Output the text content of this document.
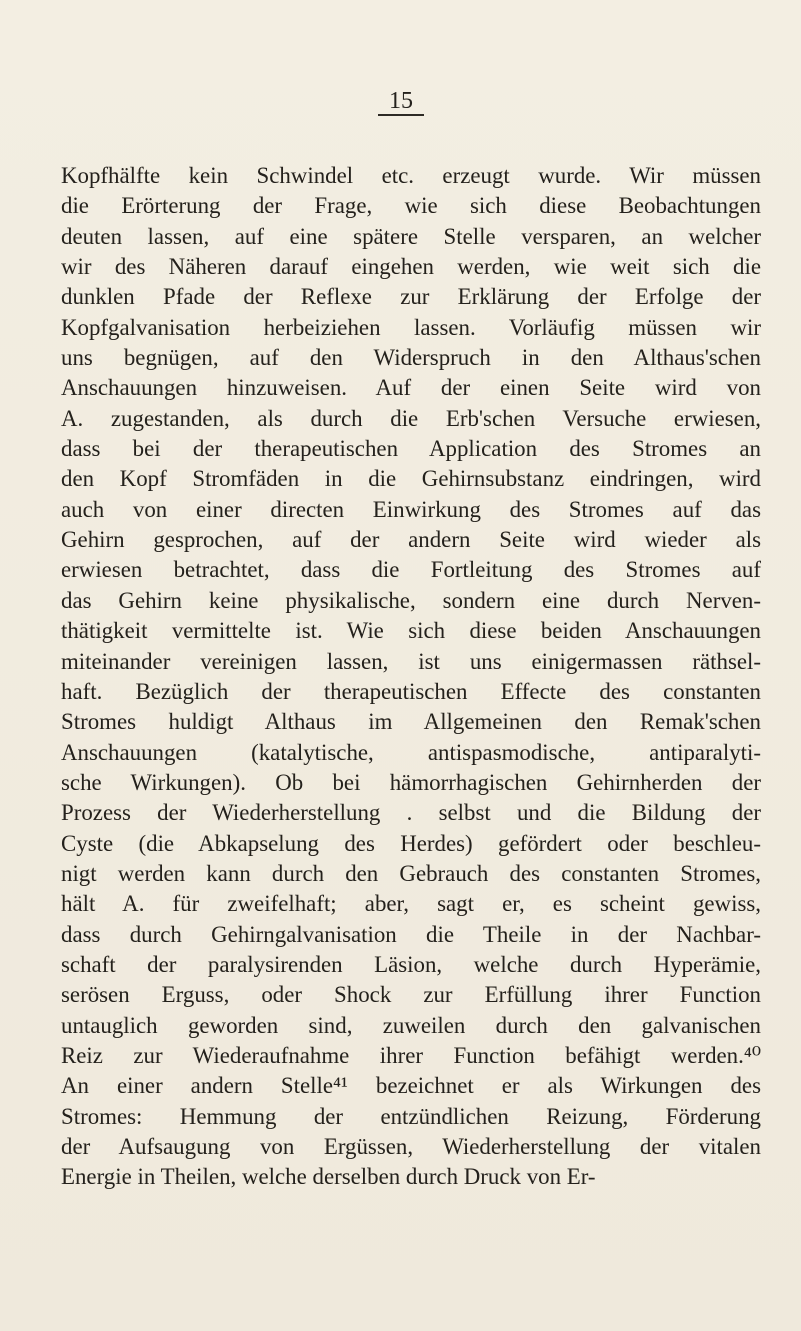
15
Kopfhälfte kein Schwindel etc. erzeugt wurde. Wir müssen
die Erörterung der Frage, wie sich diese Beobachtungen
deuten lassen, auf eine spätere Stelle versparen, an welcher
wir des Näheren darauf eingehen werden, wie weit sich die
dunklen Pfade der Reflexe zur Erklärung der Erfolge der
Kopfgalvanisation herbeiziehen lassen. Vorläufig müssen wir
uns begnügen, auf den Widerspruch in den Althaus'schen
Anschauungen hinzuweisen. Auf der einen Seite wird von
A. zugestanden, als durch die Erb'schen Versuche erwiesen,
dass bei der therapeutischen Application des Stromes an
den Kopf Stromfäden in die Gehirnsubstanz eindringen, wird
auch von einer directen Einwirkung des Stromes auf das
Gehirn gesprochen, auf der andern Seite wird wieder als
erwiesen betrachtet, dass die Fortleitung des Stromes auf
das Gehirn keine physikalische, sondern eine durch Nerven-
thätigkeit vermittelte ist. Wie sich diese beiden Anschauungen
miteinander vereinigen lassen, ist uns einigermassen räthsel-
haft. Bezüglich der therapeutischen Effecte des constanten
Stromes huldigt Althaus im Allgemeinen den Remak'schen
Anschauungen (katalytische, antispasmodische, antiparalyti-
sche Wirkungen). Ob bei hämorrhagischen Gehirnherden der
Prozess der Wiederherstellung . selbst und die Bildung der
Cyste (die Abkapselung des Herdes) gefördert oder beschleu-
nigt werden kann durch den Gebrauch des constanten Stromes,
hält A. für zweifelhaft; aber, sagt er, es scheint gewiss,
dass durch Gehirngalvanisation die Theile in der Nachbar-
schaft der paralysirenden Läsion, welche durch Hyperämie,
serösen Erguss, oder Shock zur Erfüllung ihrer Function
untauglich geworden sind, zuweilen durch den galvanischen
Reiz zur Wiederaufnahme ihrer Function befähigt werden.⁴⁰
An einer andern Stelle⁴¹ bezeichnet er als Wirkungen des
Stromes: Hemmung der entzündlichen Reizung, Förderung
der Aufsaugung von Ergüssen, Wiederherstellung der vitalen
Energie in Theilen, welche derselben durch Druck von Er-
